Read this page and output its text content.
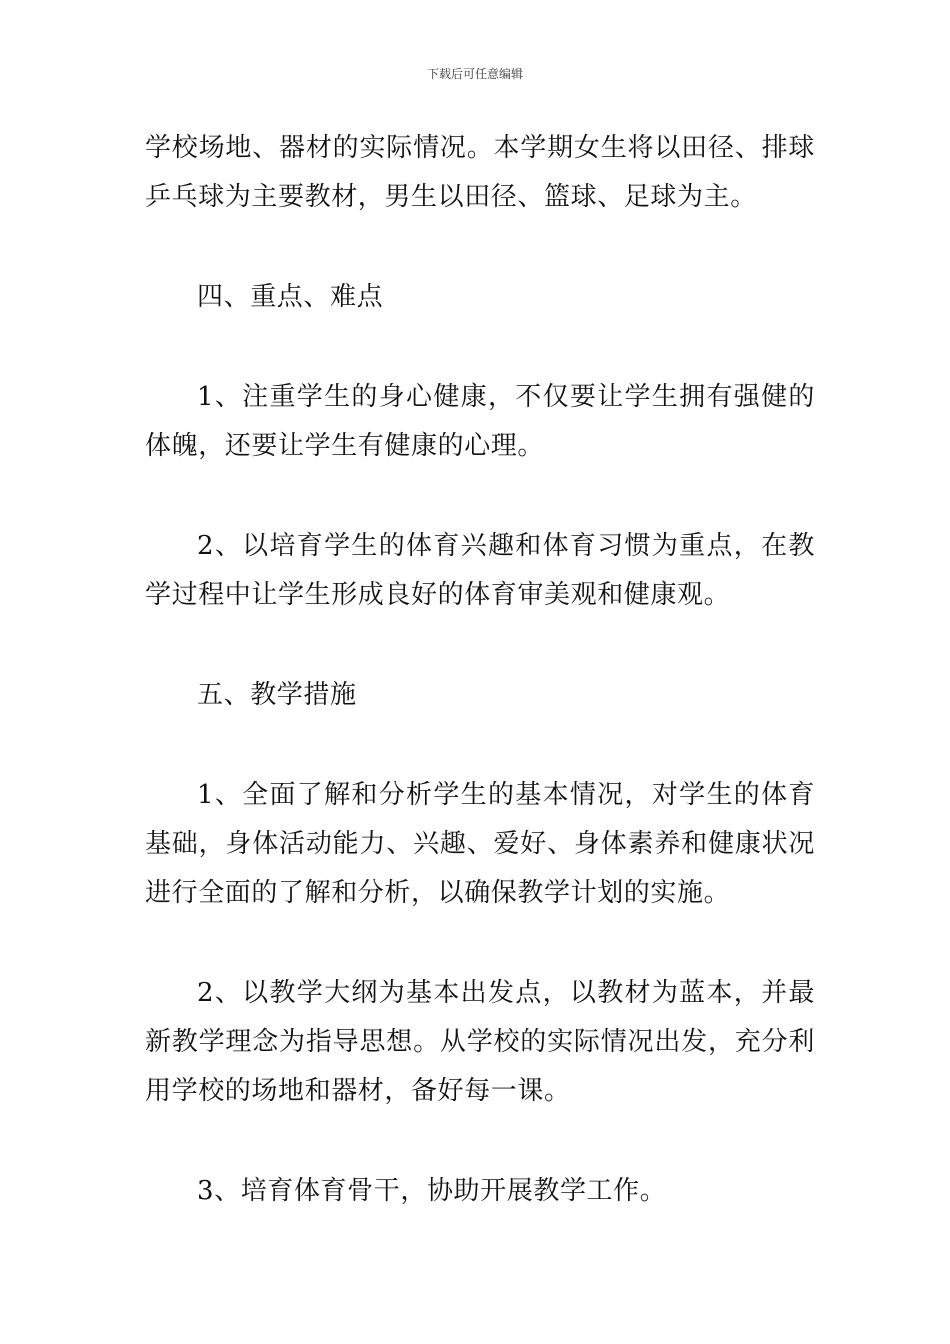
下载后可任意编辑

学校场地、器材的实际情况。本学期女生将以田径、排球乒乓球为主要教材，男生以田径、篮球、足球为主。

四、重点、难点

1、注重学生的身心健康，不仅要让学生拥有强健的体魄，还要让学生有健康的心理。

2、以培育学生的体育兴趣和体育习惯为重点，在教学过程中让学生形成良好的体育审美观和健康观。

五、教学措施

1、全面了解和分析学生的基本情况，对学生的体育基础，身体活动能力、兴趣、爱好、身体素养和健康状况进行全面的了解和分析，以确保教学计划的实施。

2、以教学大纲为基本出发点，以教材为蓝本，并最新教学理念为指导思想。从学校的实际情况出发，充分利用学校的场地和器材，备好每一课。

3、培育体育骨干，协助开展教学工作。
